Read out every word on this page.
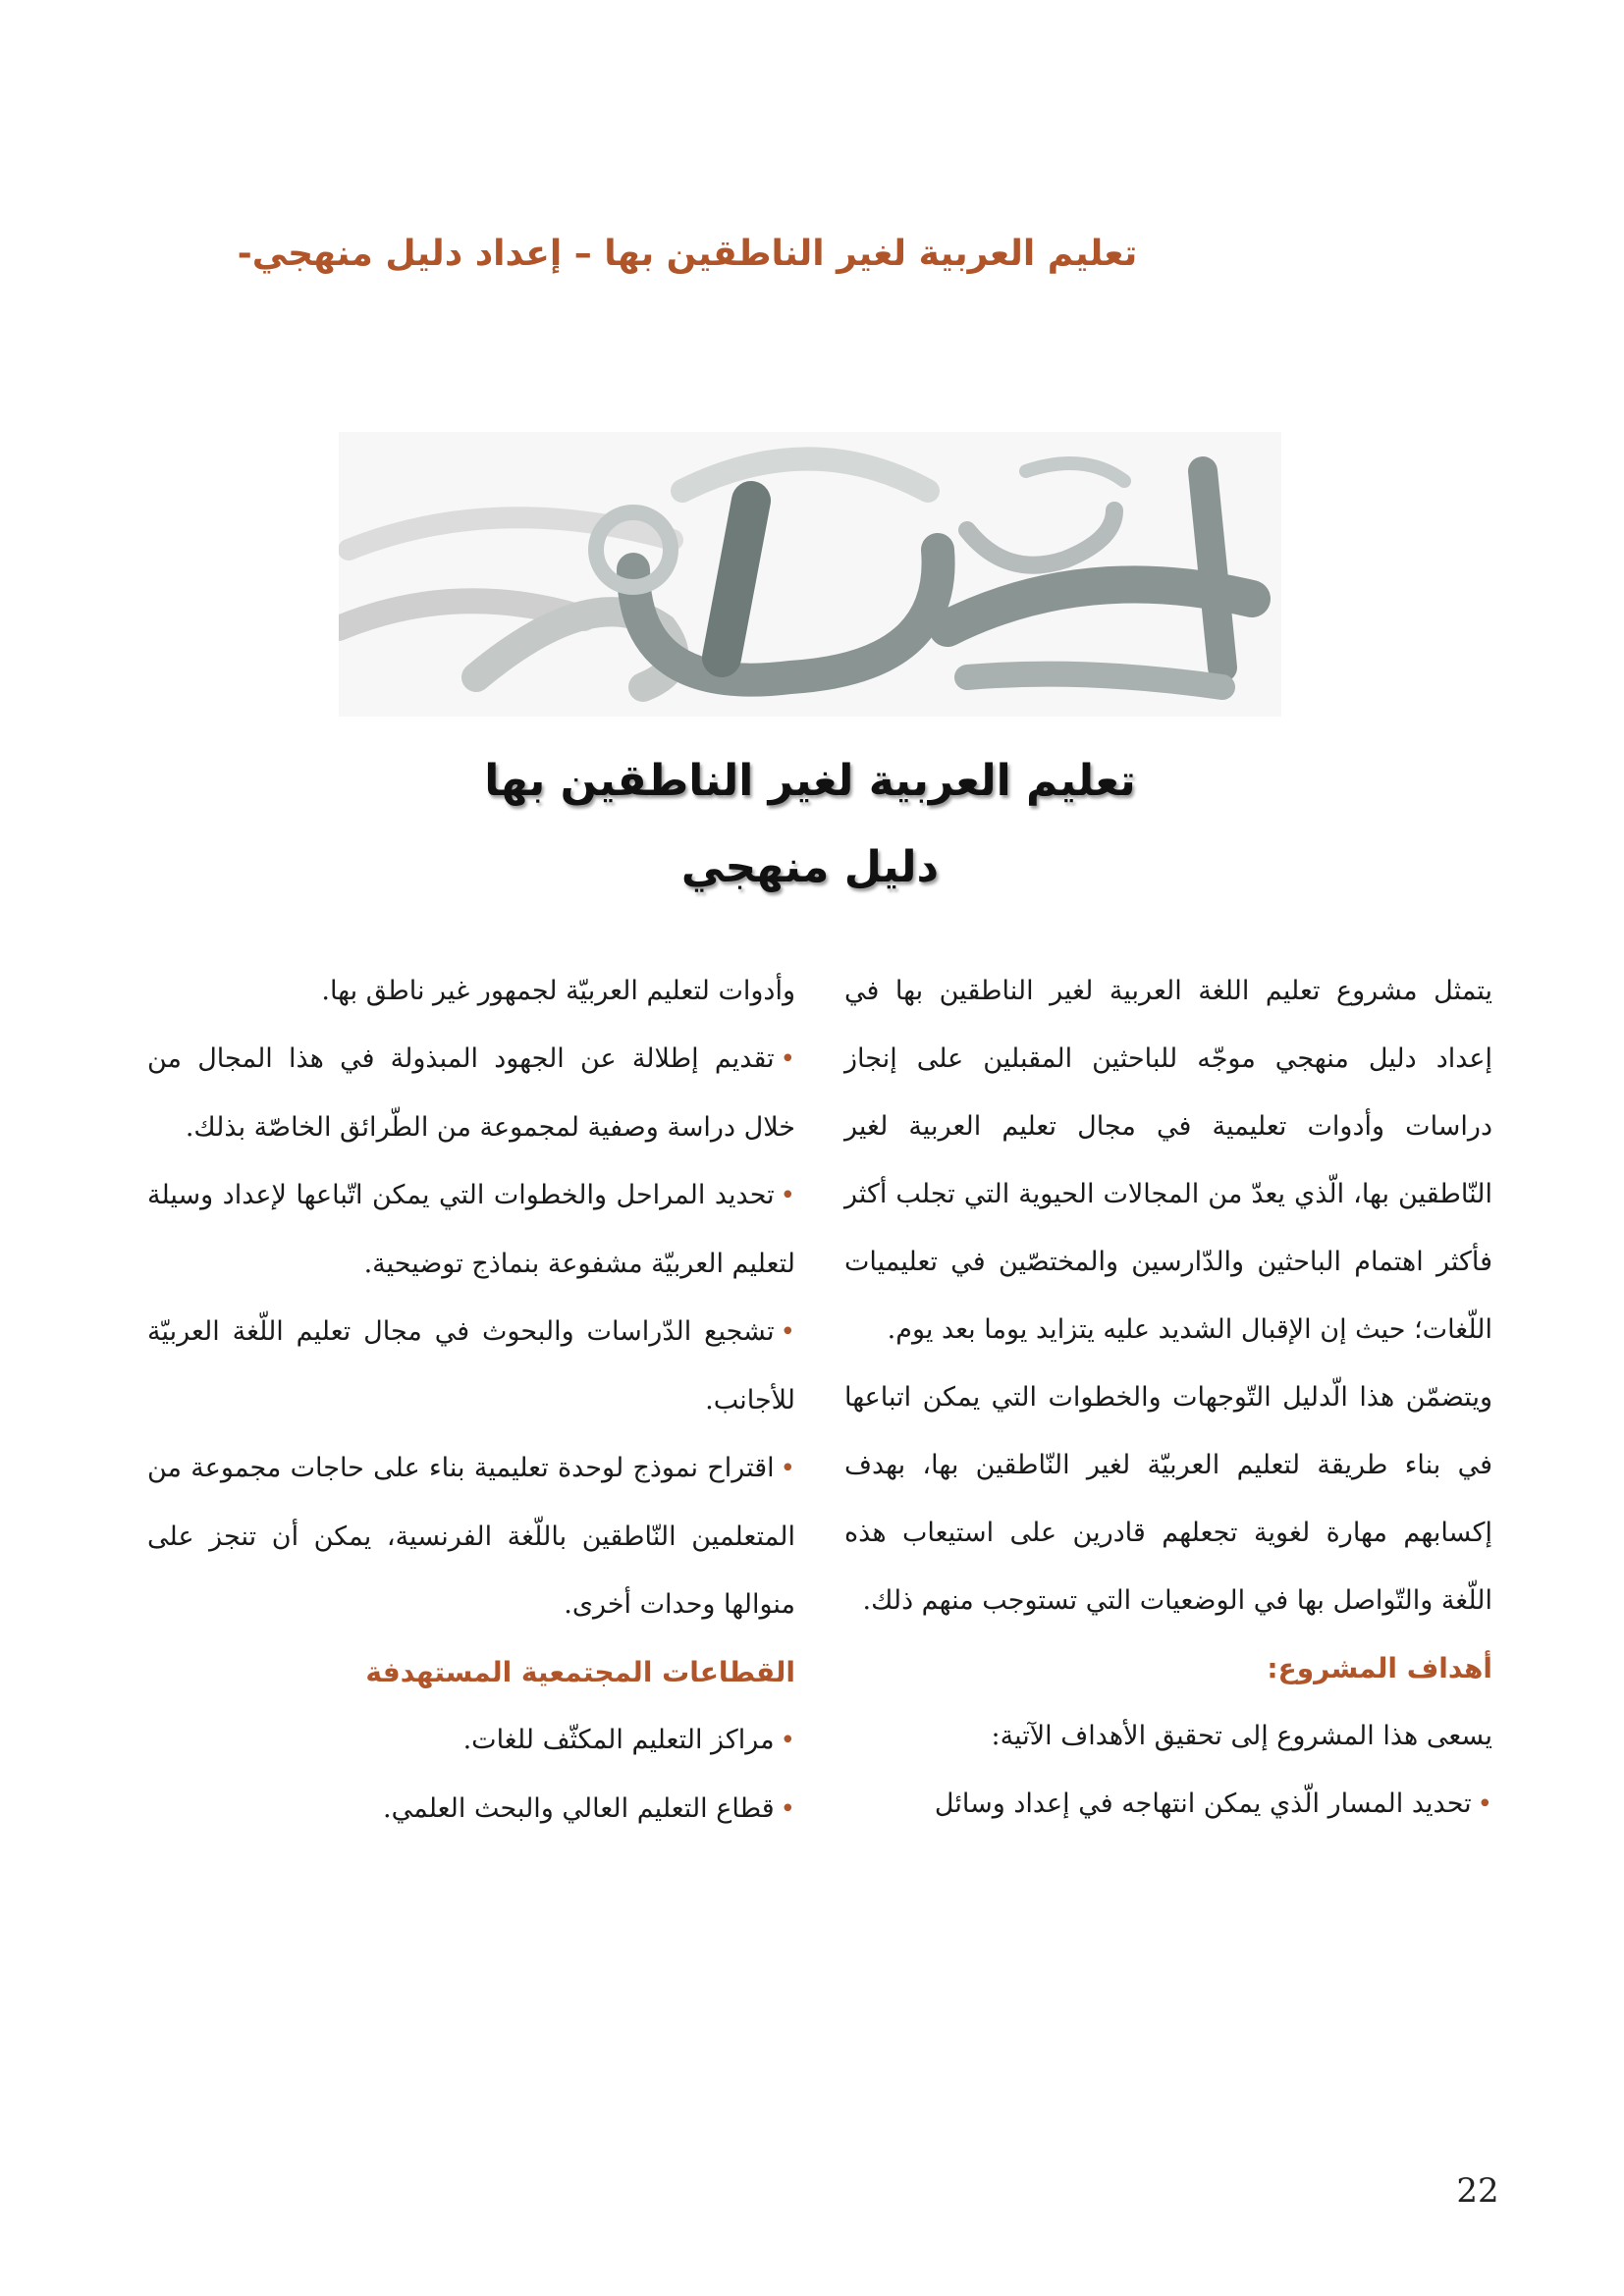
تعليم العربية لغير الناطقين بها – إعداد دليل منهجي-
تعليم العربية لغير الناطقين بها
دليل منهجي

يتمثل مشروع تعليم اللغة العربية لغير الناطقين بها في إعداد دليل منهجي موجّه للباحثين المقبلين على إنجاز دراسات وأدوات تعليمية في مجال تعليم العربية لغير النّاطقين بها، الّذي يعدّ من المجالات الحيوية التي تجلب أكثر فأكثر اهتمام الباحثين والدّارسين والمختصّين في تعليميات اللّغات؛ حيث إن الإقبال الشديد عليه يتزايد يوما بعد يوم.

ويتضمّن هذا الّدليل التّوجهات والخطوات التي يمكن اتباعها في بناء طريقة لتعليم العربيّة لغير النّاطقين بها، بهدف إكسابهم مهارة لغوية تجعلهم قادرين على استيعاب هذه اللّغة والتّواصل بها في الوضعيات التي تستوجب منهم ذلك.

أهداف المشروع:

يسعى هذا المشروع إلى تحقيق الأهداف الآتية:

•تحديد المسار الّذي يمكن انتهاجه في إعداد وسائل

وأدوات لتعليم العربيّة لجمهور غير ناطق بها.

•تقديم إطلالة عن الجهود المبذولة في هذا المجال من خلال دراسة وصفية لمجموعة من الطّرائق الخاصّة بذلك.

•تحديد المراحل والخطوات التي يمكن اتّباعها لإعداد وسيلة لتعليم العربيّة مشفوعة بنماذج توضيحية.

•تشجيع الدّراسات والبحوث في مجال تعليم اللّغة العربيّة للأجانب.

•اقتراح نموذج لوحدة تعليمية بناء على حاجات مجموعة من المتعلمين النّاطقين باللّغة الفرنسية، يمكن أن تنجز على منوالها وحدات أخرى.

القطاعات المجتمعية المستهدفة

•مراكز التعليم المكثّف للغات.

•قطاع التعليم العالي والبحث العلمي.

22
